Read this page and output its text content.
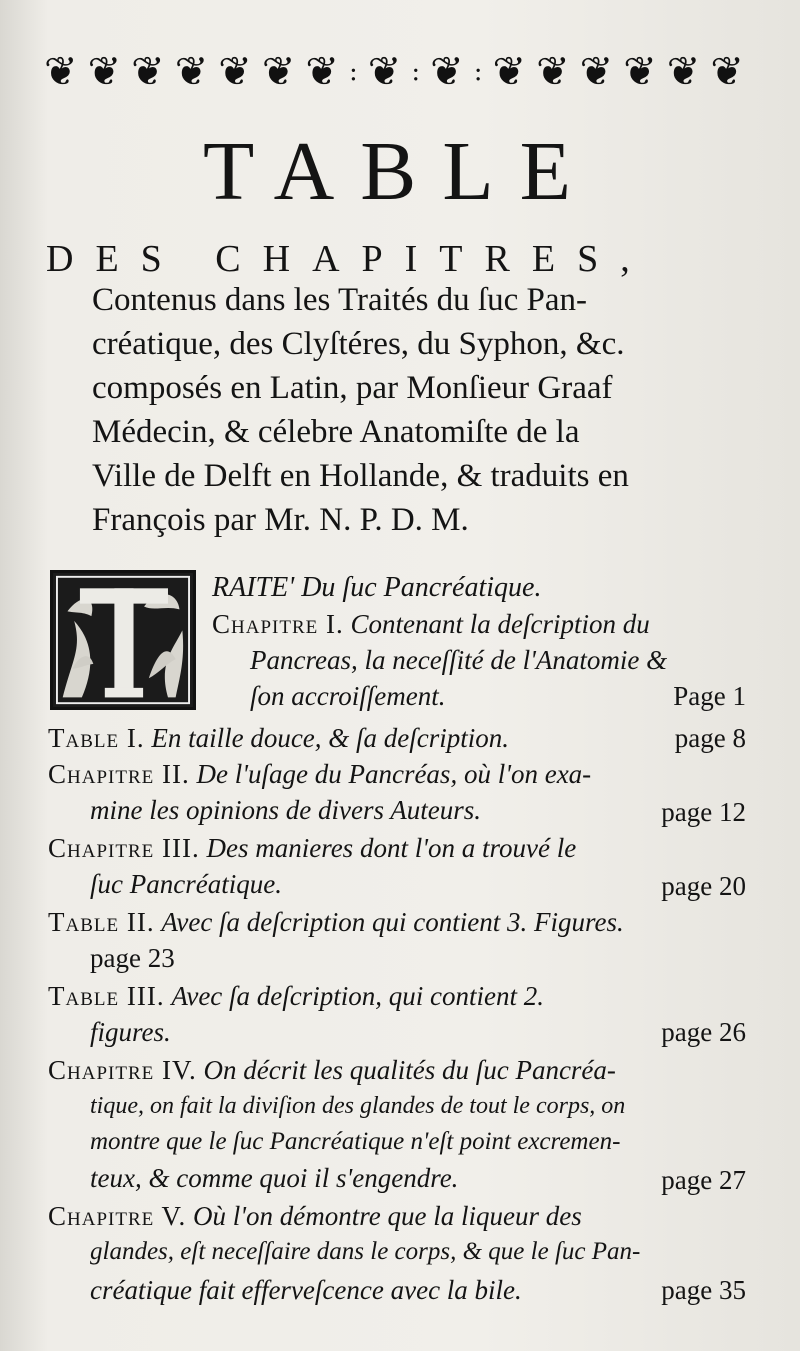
❦ ❦ ❦ ❦ ❦ ❦ ❦ : ❦ : ❦ : ❦ ❦ ❦ ❦ ❦ ❦
TABLE
DES CHAPITRES,
Contenus dans les Traités du ſuc Pan-
créatique, des Clyſtéres, du Syphon, &c.
composés en Latin, par Monſieur Graaf
Médecin, & célebre Anatomiſte de la
Ville de Delft en Hollande, & traduits en
François par Mr. N. P. D. M.
RAITE' Du ſuc Pancréatique.
Chapitre I. Contenant la deſcription du
Pancreas, la neceſſité de l'Anatomie &
ſon accroiſſement.	Page 1
Table I. En taille douce, & ſa deſcription.	page 8
Chapitre II. De l'uſage du Pancréas, où l'on exa-
mine les opinions de divers Auteurs.	page 12
Chapitre III. Des manieres dont l'on a trouvé le
ſuc Pancréatique.	page 20
Table II. Avec ſa deſcription qui contient 3. Figures.
page 23
Table III. Avec ſa deſcription, qui contient 2.
figures.	page 26
Chapitre IV. On décrit les qualités du ſuc Pancréa-
tique, on fait la diviſion des glandes de tout le corps, on
montre que le ſuc Pancréatique n'eſt point excremen-
teux, & comme quoi il s'engendre.	page 27
Chapitre V. Où l'on démontre que la liqueur des
glandes, eſt neceſſaire dans le corps, & que le ſuc Pan-
créatique fait efferveſcence avec la bile.	page 35
